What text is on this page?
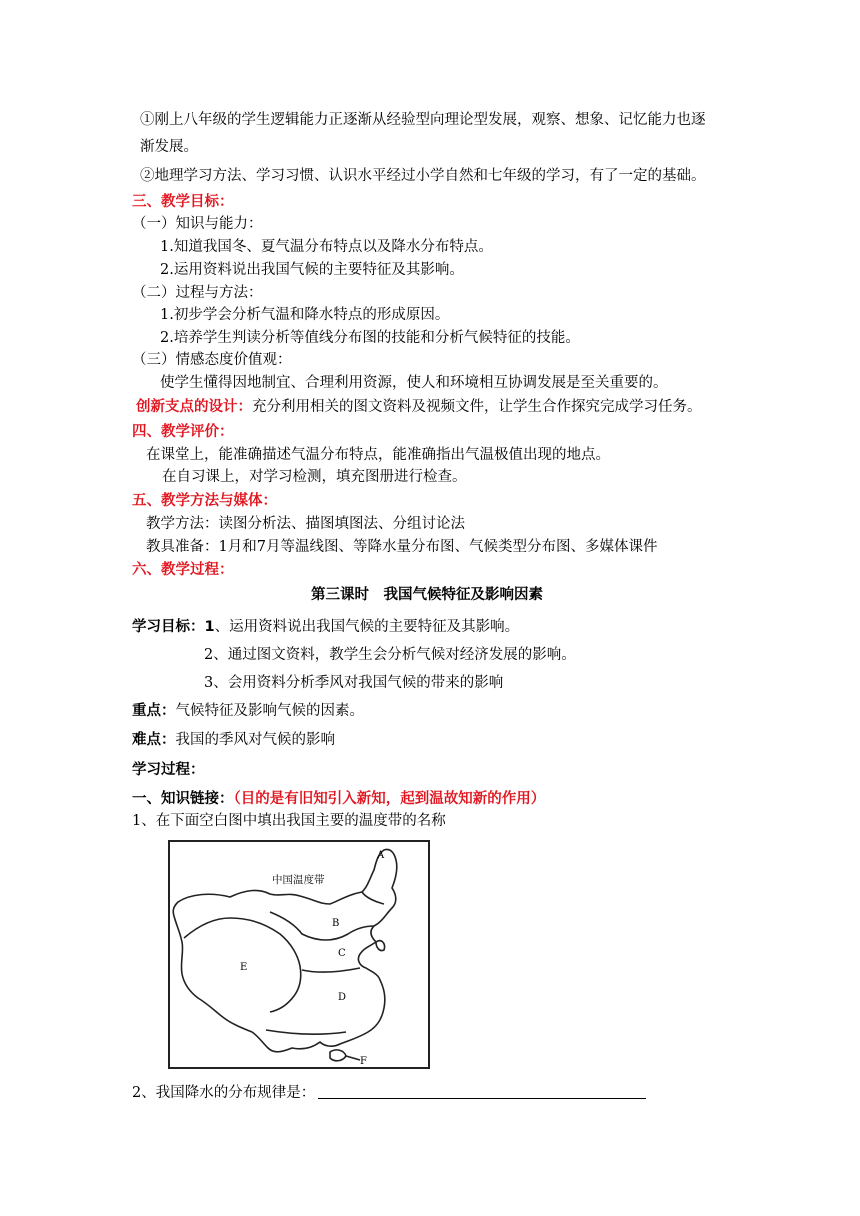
①刚上八年级的学生逻辑能力正逐渐从经验型向理论型发展，观察、想象、记忆能力也逐
渐发展。
②地理学习方法、学习习惯、认识水平经过小学自然和七年级的学习，有了一定的基础。
三、教学目标：
（一）知识与能力：
1.知道我国冬、夏气温分布特点以及降水分布特点。
2.运用资料说出我国气候的主要特征及其影响。
（二）过程与方法：
1.初步学会分析气温和降水特点的形成原因。
2.培养学生判读分析等值线分布图的技能和分析气候特征的技能。
（三）情感态度价值观：
使学生懂得因地制宜、合理利用资源，使人和环境相互协调发展是至关重要的。
创新支点的设计：充分利用相关的图文资料及视频文件，让学生合作探究完成学习任务。
四、教学评价：
在课堂上，能准确描述气温分布特点，能准确指出气温极值出现的地点。
在自习课上，对学习检测，填充图册进行检查。
五、教学方法与媒体：
教学方法：读图分析法、描图填图法、分组讨论法
教具准备：1月和7月等温线图、等降水量分布图、气候类型分布图、多媒体课件
六、教学过程：
第三课时　我国气候特征及影响因素
学习目标：1、运用资料说出我国气候的主要特征及其影响。
2、通过图文资料，教学生会分析气候对经济发展的影响。
3、会用资料分析季风对我国气候的带来的影响
重点：气候特征及影响气候的因素。
难点：我国的季风对气候的影响
学习过程：
一、知识链接：（目的是有旧知引入新知，起到温故知新的作用）
1、在下面空白图中填出我国主要的温度带的名称
中国温度带
A
B
C
D
E
F
2、我国降水的分布规律是：
